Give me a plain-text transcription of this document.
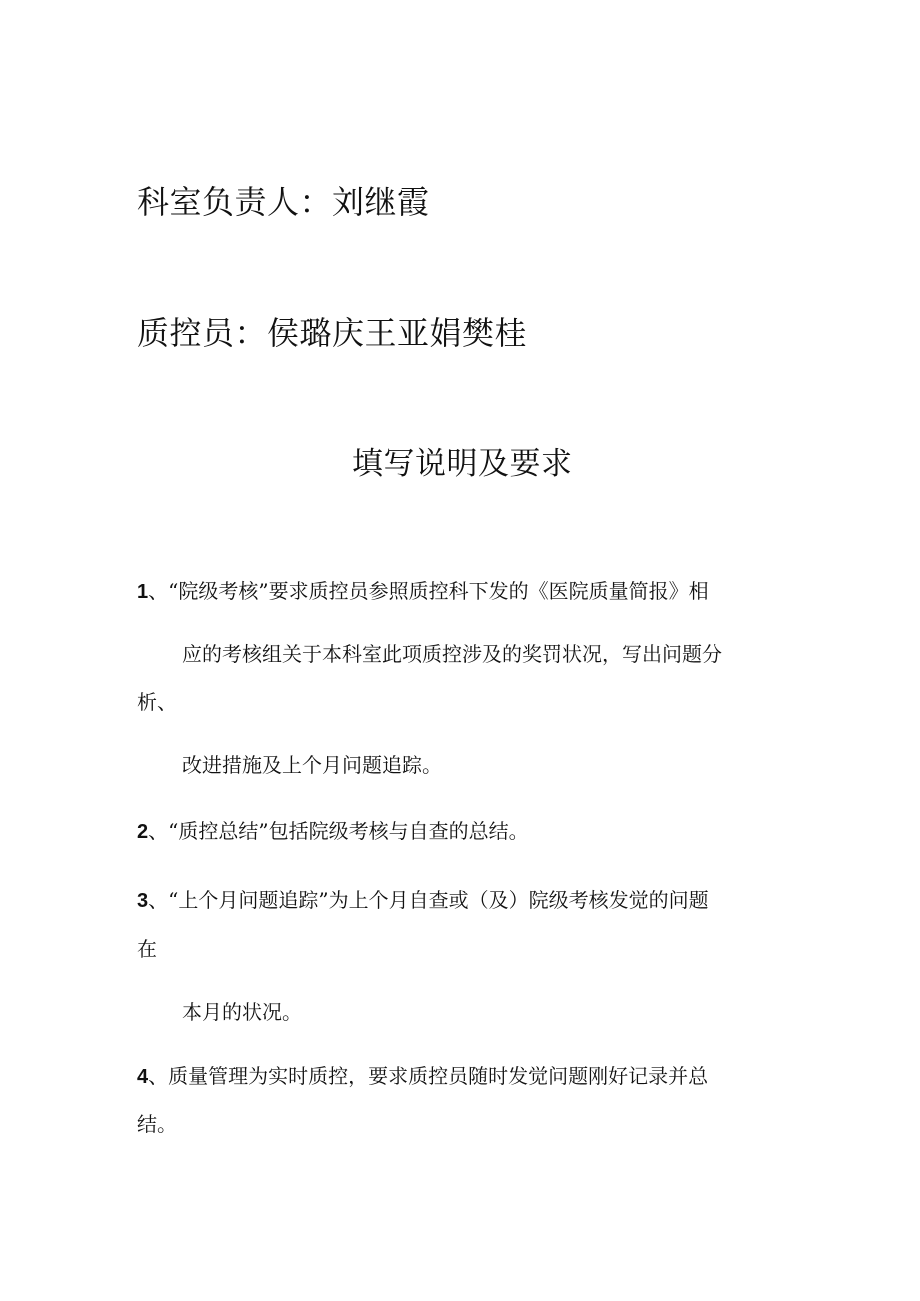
科室负责人：刘继霞
质控员：侯璐庆王亚娟樊桂
填写说明及要求
1、“院级考核”要求质控员参照质控科下发的《医院质量简报》相
应的考核组关于本科室此项质控涉及的奖罚状况，写出问题分
析、
改进措施及上个月问题追踪。
2、“质控总结”包括院级考核与自查的总结。
3、“上个月问题追踪”为上个月自查或（及）院级考核发觉的问题
在
本月的状况。
4、质量管理为实时质控，要求质控员随时发觉问题刚好记录并总
结。
